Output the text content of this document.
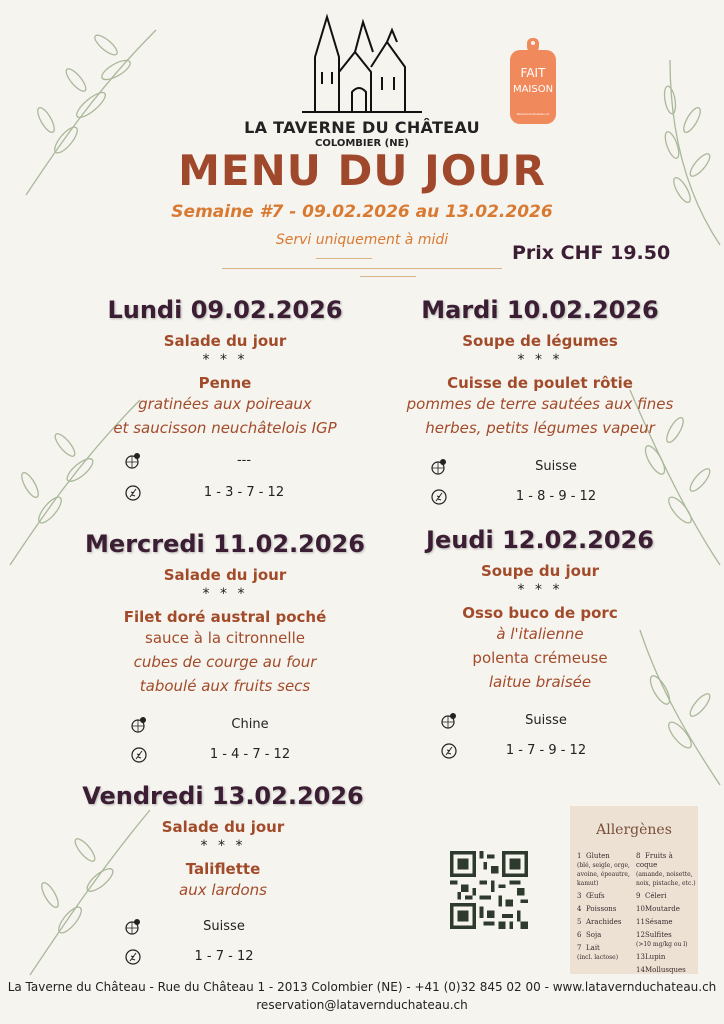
LA TAVERNE DU CHÂTEAU
COLOMBIER (NE)
FAIT
MAISON
latavernduchateau.ch
MENU DU JOUR
Semaine #7 - 09.02.2026 au 13.02.2026
Servi uniquement à midi
Prix CHF 19.50
Lundi 09.02.2026
Salade du jour
* * *
Penne
gratinées aux poireaux
et saucisson neuchâtelois IGP
---
1 - 3 - 7 - 12
Mardi 10.02.2026
Soupe de légumes
* * *
Cuisse de poulet rôtie
pommes de terre sautées aux fines
herbes, petits légumes vapeur
Suisse
1 - 8 - 9 - 12
Mercredi 11.02.2026
Salade du jour
* * *
Filet doré austral poché
sauce à la citronnelle
cubes de courge au four
taboulé aux fruits secs
Chine
1 - 4 - 7 - 12
Jeudi 12.02.2026
Soupe du jour
* * *
Osso buco de porc
à l'italienne
polenta crémeuse
laitue braisée
Suisse
1 - 7 - 9 - 12
Vendredi 13.02.2026
Salade du jour
* * *
Taliflette
aux lardons
Suisse
1 - 7 - 12
Allergènes
1 Gluten
(blé, seigle, orge, avoine, épeautre, kamut)
3 Œufs
4 Poissons
5 Arachides
6 Soja
7 Lait
(incl. lactose)
8 Fruits à coque
(amande, noisette, noix, pistache, etc.)
9 Céleri
10Moutarde
11Sésame
12Sulfites
(>10 mg/kg ou l)
13Lupin
14Mollusques
La Taverne du Château - Rue du Château 1 - 2013 Colombier (NE) - +41 (0)32 845 02 00 - www.latavernduchateau.ch
reservation@latavernduchateau.ch
